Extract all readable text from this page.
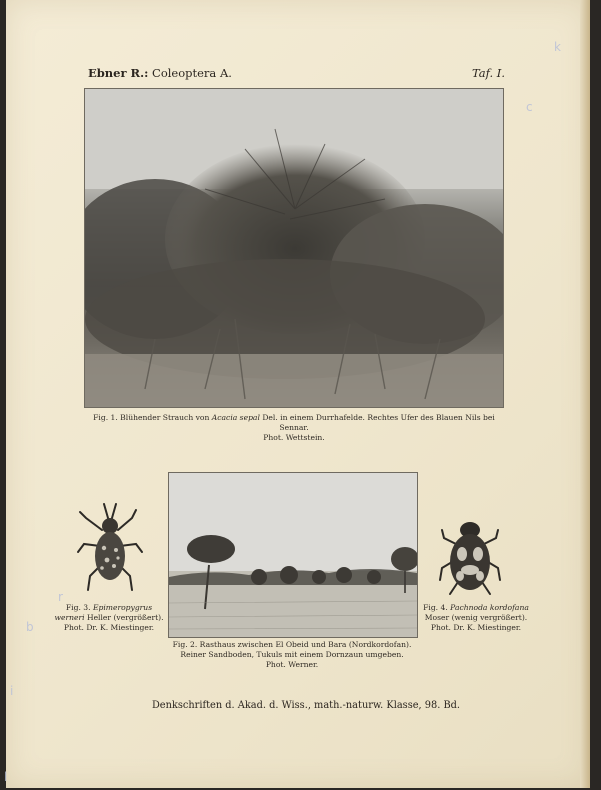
k
c
r
b
i
l
Ebner R.: Coleoptera A.	Taf. I.
Fig. 1. Blühender Strauch von Acacia sepal Del. in einem Durrhafelde. Rechtes Ufer des Blauen Nils bei Sennar.
Phot. Wettstein.
Fig. 2. Rasthaus zwischen El Obeid und Bara (Nordkordofan).
Reiner Sandboden, Tukuls mit einem Dornzaun umgeben.
Phot. Werner.
Fig. 3. Epimeropygrus
werneri Heller (vergrößert).
Phot. Dr. K. Miestinger.
Fig. 4. Pachnoda kordofana
Moser (wenig vergrößert).
Phot. Dr. K. Miestinger.
Denkschriften d. Akad. d. Wiss., math.-naturw. Klasse, 98. Bd.
